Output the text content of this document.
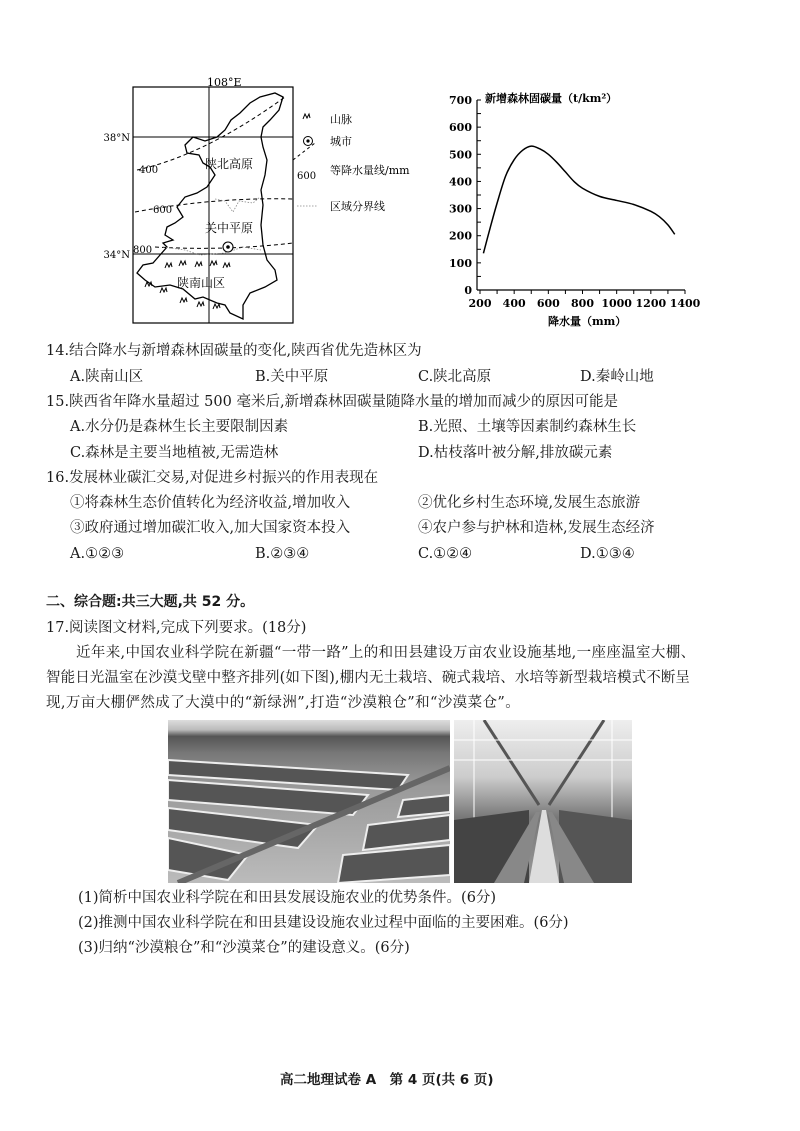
108°E
38°N
34°N
400
600
800
陕北高原
关中平原
陕南山区
山脉
城市
600 等降水量线/mm
区域分界线
0
100
200
300
400
500
600
700
200 400 600 800 1000 1200 1400
新增森林固碳量（t/km²）
降水量（mm）
14.结合降水与新增森林固碳量的变化,陕西省优先造林区为
A.陕南山区	B.关中平原	C.陕北高原	D.秦岭山地
15.陕西省年降水量超过 500 毫米后,新增森林固碳量随降水量的增加而减少的原因可能是
A.水分仍是森林生长主要限制因素	B.光照、土壤等因素制约森林生长
C.森林是主要当地植被,无需造林	D.枯枝落叶被分解,排放碳元素
16.发展林业碳汇交易,对促进乡村振兴的作用表现在
①将森林生态价值转化为经济收益,增加收入	②优化乡村生态环境,发展生态旅游
③政府通过增加碳汇收入,加大国家资本投入	④农户参与护林和造林,发展生态经济
A.①②③	B.②③④	C.①②④	D.①③④
二、综合题:共三大题,共 52 分。
17.阅读图文材料,完成下列要求。(18分)
近年来,中国农业科学院在新疆“一带一路”上的和田县建设万亩农业设施基地,一座座温室大棚、
智能日光温室在沙漠戈壁中整齐排列(如下图),棚内无土栽培、碗式栽培、水培等新型栽培模式不断呈
现,万亩大棚俨然成了大漠中的“新绿洲”,打造“沙漠粮仓”和“沙漠菜仓”。
(1)简析中国农业科学院在和田县发展设施农业的优势条件。(6分)
(2)推测中国农业科学院在和田县建设设施农业过程中面临的主要困难。(6分)
(3)归纳“沙漠粮仓”和“沙漠菜仓”的建设意义。(6分)
高二地理试卷 A　第 4 页(共 6 页)
